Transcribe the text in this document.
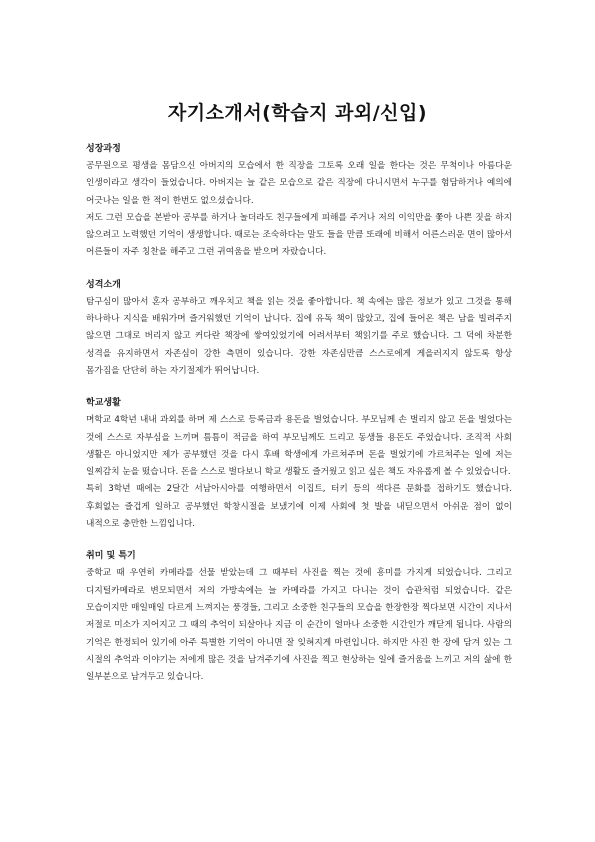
자기소개서(학습지 과외/신입)
성장과정

공무원으로 평생을 몸담으신 아버지의 모습에서 한 직장을 그토록 오래 일을 한다는 것은 무척이나 아름다운 인생이라고 생각이 들었습니다. 아버지는 늘 같은 모습으로 같은 직장에 다니시면서 누구를 험담하거나 예의에 어긋나는 일을 한 적이 한번도 없으셨습니다.

저도 그런 모습을 본받아 공부를 하거나 놀더라도 친구들에게 피해를 주거나 저의 이익만을 쫓아 나쁜 짓을 하지 않으려고 노력했던 기억이 생생합니다. 때로는 조숙하다는 말도 들을 만큼 또래에 비해서 어른스러운 면이 많아서 어른들이 자주 칭찬을 해주고 그런 귀여움을 받으며 자랐습니다.

성격소개

탐구심이 많아서 혼자 공부하고 깨우치고 책을 읽는 것을 좋아합니다. 책 속에는 많은 정보가 있고 그것을 통해 하나하나 지식을 배워가며 즐거워했던 기억이 납니다. 집에 유독 책이 많았고, 집에 들어온 책은 남을 빌려주지 않으면 그대로 버리지 않고 커다란 책장에 쌓여있었기에 어려서부터 책읽기를 주로 했습니다. 그 덕에 차분한 성격을 유지하면서 자존심이 강한 측면이 있습니다. 강한 자존심만큼 스스로에게 게을러지지 않도록 항상 몸가짐을 단단히 하는 자기절제가 뛰어납니다.

학교생활

며학교 4학년 내내 과외를 하며 제 스스로 등록금과 용돈을 벌었습니다. 부모님께 손 벌리지 않고 돈을 벌었다는 것에 스스로 자부심을 느끼며 틈틈이 적금을 하여 부모님께도 드리고 동생들 용돈도 주었습니다. 조직적 사회 생활은 아니었지만 제가 공부했던 것을 다시 후배 학생에게 가르쳐주며 돈을 벌었기에 가르쳐주는 일에 저는 일찌감치 눈을 떴습니다. 돈을 스스로 벌다보니 학교 생활도 즐거웠고 읽고 싶은 책도 자유롭게 볼 수 있었습니다.

특히 3학년 때에는 2달간 서남아시아를 여행하면서 이집트, 터키 등의 색다른 문화를 접하기도 했습니다. 후회없는 즐겁게 일하고 공부했던 학창시절을 보냈기에 이제 사회에 첫 발을 내딛으면서 아쉬운 점이 없이 내적으로 충만한 느낌입니다.

취미 및 특기

중학교 때 우연히 카메라를 선물 받았는데 그 때부터 사진을 찍는 것에 흥미를 가지게 되었습니다. 그리고 디지털카메라로 변모되면서 저의 가방속에는 늘 카메라를 가지고 다니는 것이 습관처럼 되었습니다. 같은 모습이지만 매일매일 다르게 느껴지는 풍경들, 그리고 소중한 친구들의 모습을 한장한장 찍다보면 시간이 지나서 저절로 미소가 지어지고 그 때의 추억이 되살아나 지금 이 순간이 얼마나 소중한 시간인가 깨닫게 됩니다. 사람의 기억은 한정되어 있기에 아주 특별한 기억이 아니면 잘 잊혀지게 마련입니다. 하지만 사진 한 장에 담겨 있는 그 시절의 추억과 이야기는 저에게 많은 것을 남겨주기에 사진을 찍고 현상하는 일에 즐거움을 느끼고 저의 삶에 한 일부분으로 남겨두고 있습니다.
